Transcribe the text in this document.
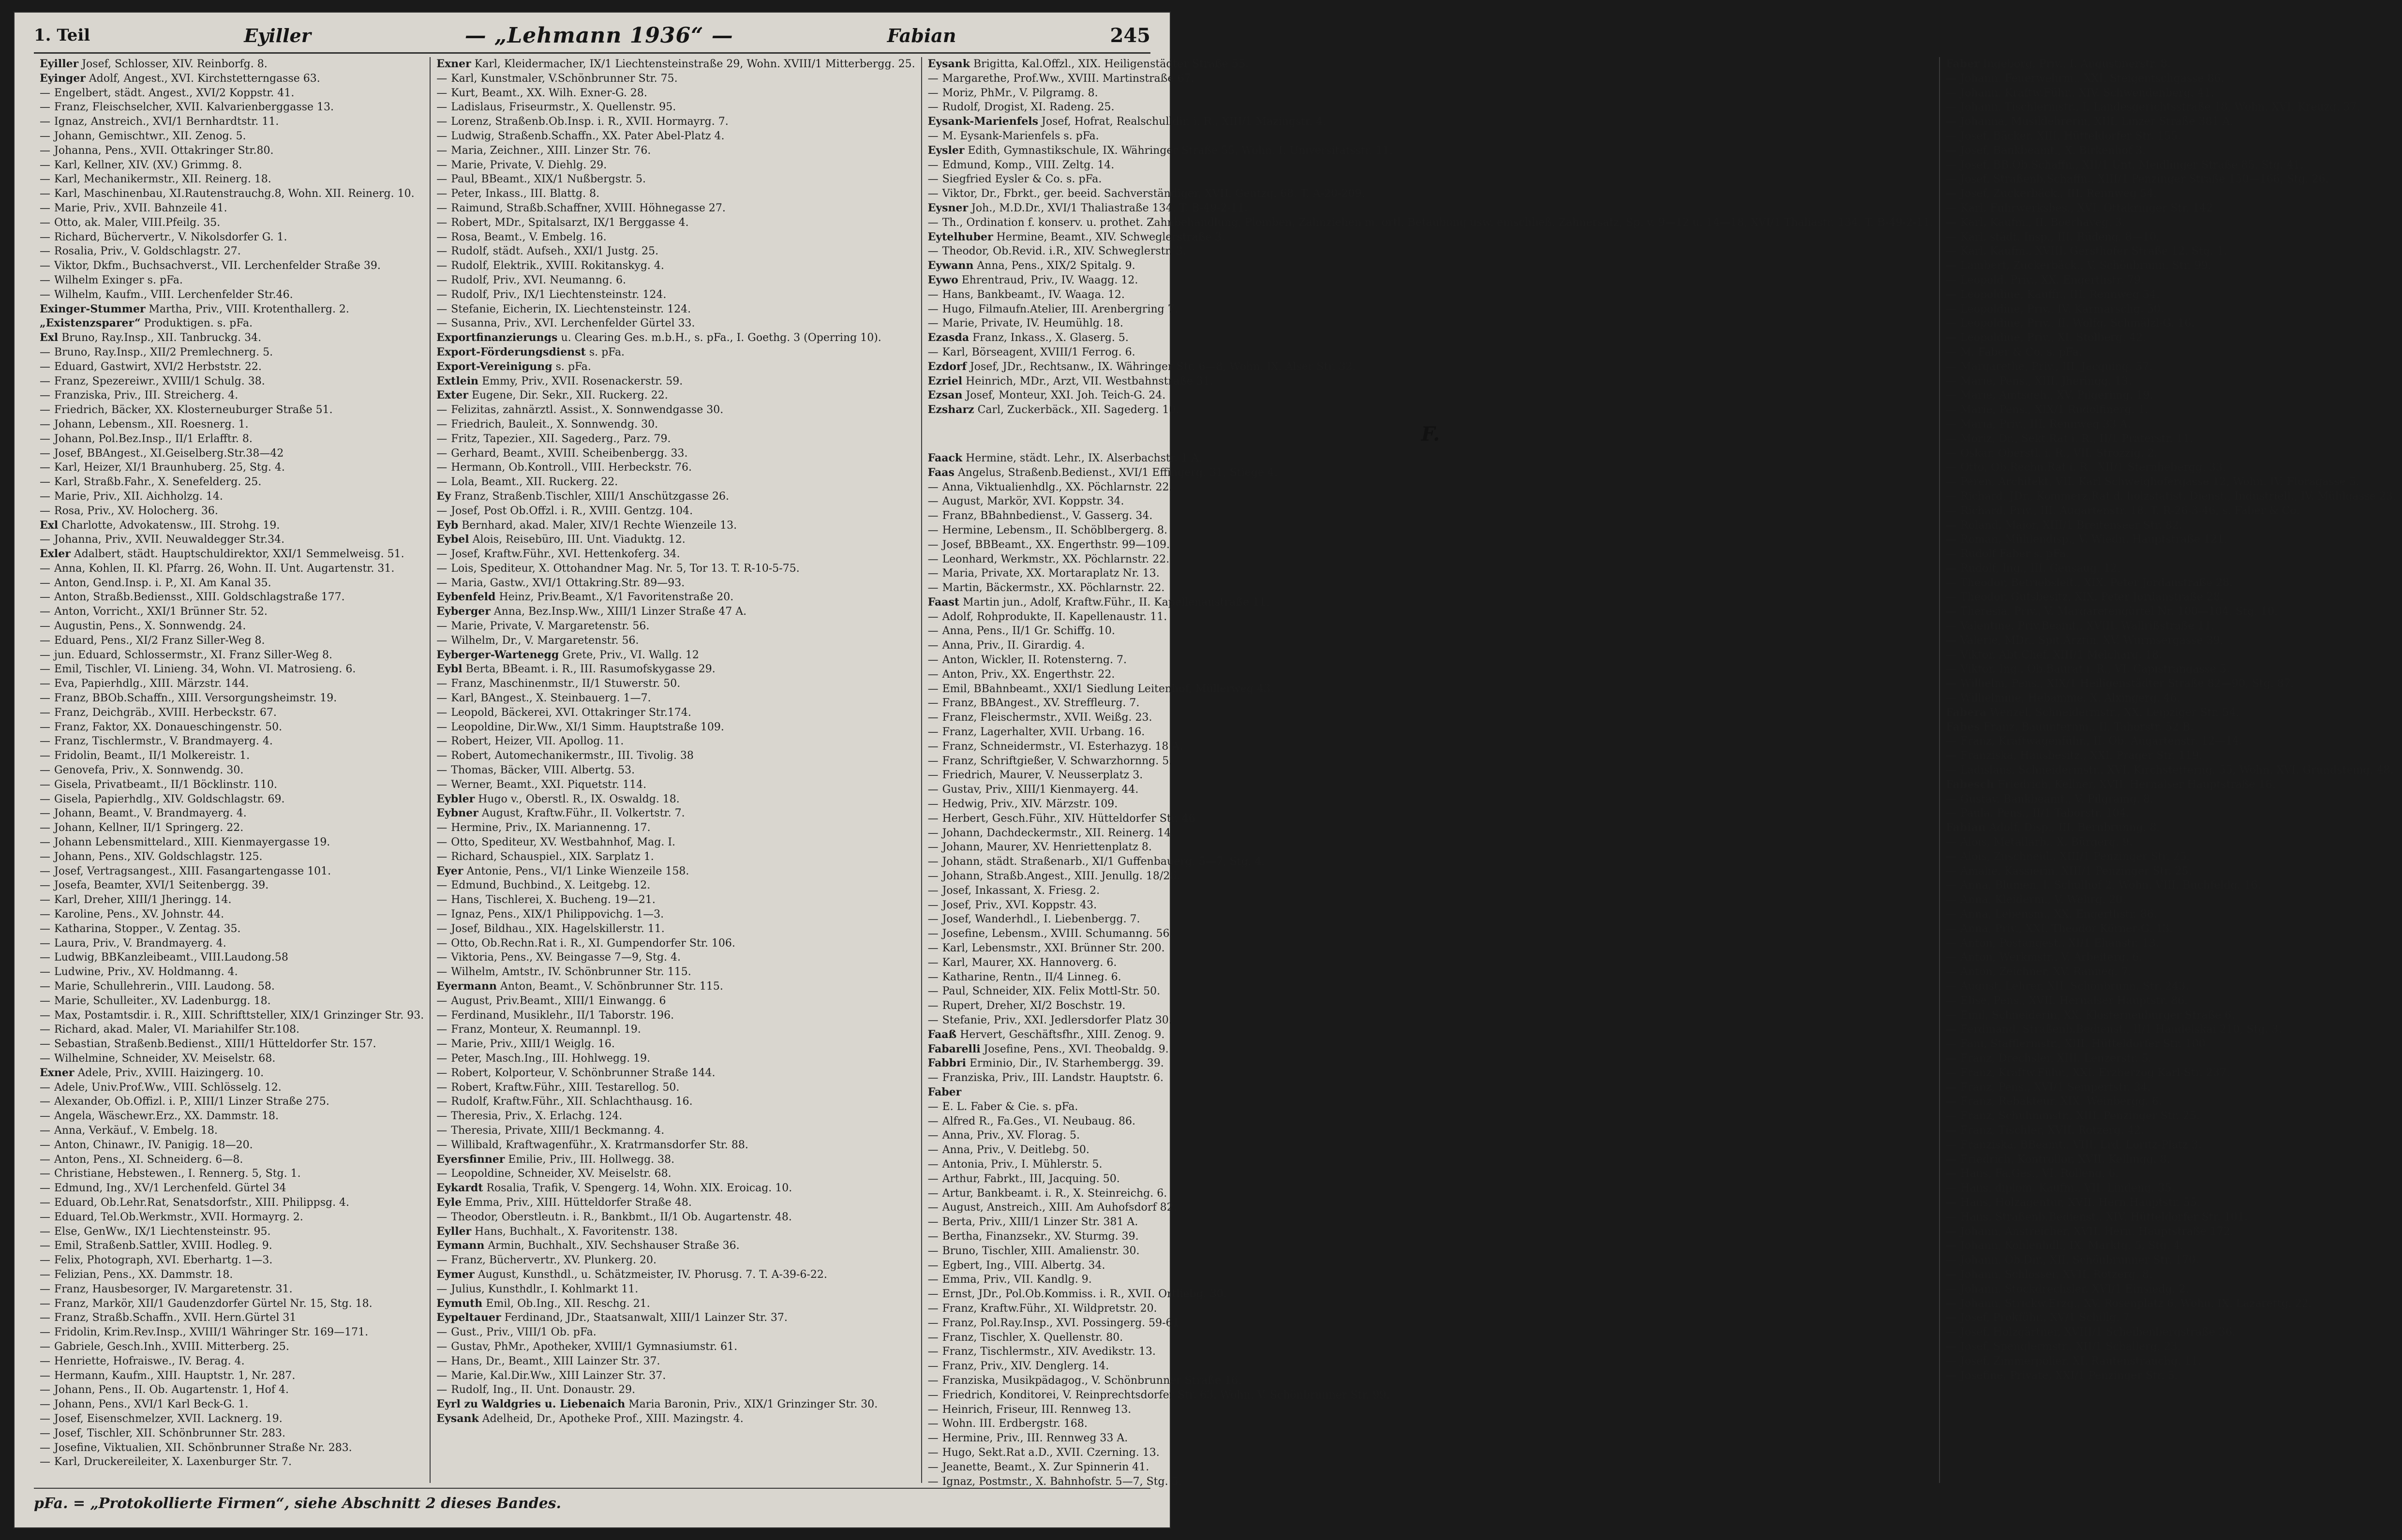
1. Teil	Eyiller	— „Lehmann 1936“ —	Fabian	245
Eyiller Josef, Schlosser, XIV. Reinborfg. 8.
Eyinger Adolf, Angest., XVI. Kirchstetterngasse 63.
— Engelbert, städt. Angest., XVI/2 Koppstr. 41.
— Franz, Fleischselcher, XVII. Kalvarienberggasse 13.
— Ignaz, Anstreich., XVI/1 Bernhardtstr. 11.
— Johann, Gemischtwr., XII. Zenog. 5.
— Johanna, Pens., XVII. Ottakringer Str.80.
— Karl, Kellner, XIV. (XV.) Grimmg. 8.
— Karl, Mechanikermstr., XII. Reinerg. 18.
— Karl, Maschinenbau, XI.Rautenstrauchg.8, Wohn. XII. Reinerg. 10.
— Marie, Priv., XVII. Bahnzeile 41.
— Otto, ak. Maler, VIII.Pfeilg. 35.
— Richard, Büchervertr., V. Nikolsdorfer G. 1.
— Rosalia, Priv., V. Goldschlagstr. 27.
— Viktor, Dkfm., Buchsachverst., VII. Lerchenfelder Straße 39.
— Wilhelm Exinger s. pFa.
— Wilhelm, Kaufm., VIII. Lerchenfelder Str.46.
Exinger-Stummer Martha, Priv., VIII. Krotenthallerg. 2.
„Existenzsparer“ Produktigen. s. pFa.
Exl Bruno, Ray.Insp., XII. Tanbruckg. 34.
— Bruno, Ray.Insp., XII/2 Premlechnerg. 5.
— Eduard, Gastwirt, XVI/2 Herbststr. 22.
— Franz, Spezereiwr., XVIII/1 Schulg. 38.
— Franziska, Priv., III. Streicherg. 4.
— Friedrich, Bäcker, XX. Klosterneuburger Straße 51.
— Johann, Lebensm., XII. Roesnerg. 1.
— Johann, Pol.Bez.Insp., II/1 Erlafftr. 8.
— Josef, BBAngest., XI.Geiselberg.Str.38—42
— Karl, Heizer, XI/1 Braunhuberg. 25, Stg. 4.
— Karl, Straßb.Fahr., X. Senefelderg. 25.
— Marie, Priv., XII. Aichholzg. 14.
— Rosa, Priv., XV. Holocherg. 36.
Exl Charlotte, Advokatensw., III. Strohg. 19.
— Johanna, Priv., XVII. Neuwaldegger Str.34.
Exler Adalbert, städt. Hauptschuldirektor, XXI/1 Semmelweisg. 51.
— Anna, Kohlen, II. Kl. Pfarrg. 26, Wohn. II. Unt. Augartenstr. 31.
— Anton, Gend.Insp. i. P., XI. Am Kanal 35.
— Anton, Straßb.Bediensst., XIII. Goldschlagstraße 177.
— Anton, Vorricht., XXI/1 Brünner Str. 52.
— Augustin, Pens., X. Sonnwendg. 24.
— Eduard, Pens., XI/2 Franz Siller-Weg 8.
— jun. Eduard, Schlossermstr., XI. Franz Siller-Weg 8.
— Emil, Tischler, VI. Linieng. 34, Wohn. VI. Matrosieng. 6.
— Eva, Papierhdlg., XIII. Märzstr. 144.
— Franz, BBOb.Schaffn., XIII. Versorgungsheimstr. 19.
— Franz, Deichgräb., XVIII. Herbeckstr. 67.
— Franz, Faktor, XX. Donaueschingenstr. 50.
— Franz, Tischlermstr., V. Brandmayerg. 4.
— Fridolin, Beamt., II/1 Molkereistr. 1.
— Genovefa, Priv., X. Sonnwendg. 30.
— Gisela, Privatbeamt., II/1 Böcklinstr. 110.
— Gisela, Papierhdlg., XIV. Goldschlagstr. 69.
— Johann, Beamt., V. Brandmayerg. 4.
— Johann, Kellner, II/1 Springerg. 22.
— Johann Lebensmittelard., XIII. Kienmayergasse 19.
— Johann, Pens., XIV. Goldschlagstr. 125.
— Josef, Vertragsangest., XIII. Fasangartengasse 101.
— Josefa, Beamter, XVI/1 Seitenbergg. 39.
— Karl, Dreher, XIII/1 Jheringg. 14.
— Karoline, Pens., XV. Johnstr. 44.
— Katharina, Stopper., V. Zentag. 35.
— Laura, Priv., V. Brandmayerg. 4.
— Ludwig, BBKanzleibeamt., VIII.Laudong.58
— Ludwine, Priv., XV. Holdmanng. 4.
— Marie, Schullehrerin., VIII. Laudong. 58.
— Marie, Schulleiter., XV. Ladenburgg. 18.
— Max, Postamtsdir. i. R., XIII. Schrifttsteller, XIX/1 Grinzinger Str. 93.
— Richard, akad. Maler, VI. Mariahilfer Str.108.
— Sebastian, Straßenb.Bedienst., XIII/1 Hütteldorfer Str. 157.
— Wilhelmine, Schneider, XV. Meiselstr. 68.
Exner Adele, Priv., XVIII. Haizingerg. 10.
— Adele, Univ.Prof.Ww., VIII. Schlösselg. 12.
— Alexander, Ob.Offizl. i. P., XIII/1 Linzer Straße 275.
— Angela, Wäschewr.Erz., XX. Dammstr. 18.
— Anna, Verkäuf., V. Embelg. 18.
— Anton, Chinawr., IV. Panigig. 18—20.
— Anton, Pens., XI. Schneiderg. 6—8.
— Christiane, Hebstewen., I. Rennerg. 5, Stg. 1.
— Edmund, Ing., XV/1 Lerchenfeld. Gürtel 34
— Eduard, Ob.Lehr.Rat, Senatsdorfstr., XIII. Philippsg. 4.
— Eduard, Tel.Ob.Werkmstr., XVII. Hormayrg. 2.
— Else, GenWw., IX/1 Liechtensteinstr. 95.
— Emil, Straßenb.Sattler, XVIII. Hodleg. 9.
— Felix, Photograph, XVI. Eberhartg. 1—3.
— Felizian, Pens., XX. Dammstr. 18.
— Franz, Hausbesorger, IV. Margaretenstr. 31.
— Franz, Markör, XII/1 Gaudenzdorfer Gürtel Nr. 15, Stg. 18.
— Franz, Straßb.Schaffn., XVII. Hern.Gürtel 31
— Fridolin, Krim.Rev.Insp., XVIII/1 Währinger Str. 169—171.
— Gabriele, Gesch.Inh., XVIII. Mitterberg. 25.
— Henriette, Hofraiswe., IV. Berag. 4.
— Hermann, Kaufm., XIII. Hauptstr. 1, Nr. 287.
— Johann, Pens., II. Ob. Augartenstr. 1, Hof 4.
— Johann, Pens., XVI/1 Karl Beck-G. 1.
— Josef, Eisenschmelzer, XVII. Lacknerg. 19.
— Josef, Tischler, XII. Schönbrunner Str. 283.
— Josefine, Viktualien, XII. Schönbrunner Straße Nr. 283.
— Karl, Druckereileiter, X. Laxenburger Str. 7.
Exner Karl, Kleidermacher, IX/1 Liechtensteinstraße 29, Wohn. XVIII/1 Mitterbergg. 25.
— Karl, Kunstmaler, V.Schönbrunner Str. 75.
— Kurt, Beamt., XX. Wilh. Exner-G. 28.
— Ladislaus, Friseurmstr., X. Quellenstr. 95.
— Lorenz, Straßenb.Ob.Insp. i. R., XVII. Hormayrg. 7.
— Ludwig, Straßenb.Schaffn., XX. Pater Abel-Platz 4.
— Maria, Zeichner., XIII. Linzer Str. 76.
— Marie, Private, V. Diehlg. 29.
— Paul, BBeamt., XIX/1 Nußbergstr. 5.
— Peter, Inkass., III. Blattg. 8.
— Raimund, Straßb.Schaffner, XVIII. Höhnegasse 27.
— Robert, MDr., Spitalsarzt, IX/1 Berggasse 4.
— Rosa, Beamt., V. Embelg. 16.
— Rudolf, städt. Aufseh., XXI/1 Justg. 25.
— Rudolf, Elektrik., XVIII. Rokitanskyg. 4.
— Rudolf, Priv., XVI. Neumanng. 6.
— Rudolf, Priv., IX/1 Liechtensteinstr. 124.
— Stefanie, Eicherin, IX. Liechtensteinstr. 124.
— Susanna, Priv., XVI. Lerchenfelder Gürtel 33.
Exportfinanzierungs u. Clearing Ges. m.b.H., s. pFa., I. Goethg. 3 (Operring 10).
Export-Förderungsdienst s. pFa.
Export-Vereinigung s. pFa.
Extlein Emmy, Priv., XVII. Rosenackerstr. 59.
Exter Eugene, Dir. Sekr., XII. Ruckerg. 22.
— Felizitas, zahnärztl. Assist., X. Sonnwendgasse 30.
— Friedrich, Bauleit., X. Sonnwendg. 30.
— Fritz, Tapezier., XII. Sagederg., Parz. 79.
— Gerhard, Beamt., XVIII. Scheibenbergg. 33.
— Hermann, Ob.Kontroll., VIII. Herbeckstr. 76.
— Lola, Beamt., XII. Ruckerg. 22.
Ey Franz, Straßenb.Tischler, XIII/1 Anschützgasse 26.
— Josef, Post Ob.Offzl. i. R., XVIII. Gentzg. 104.
Eyb Bernhard, akad. Maler, XIV/1 Rechte Wienzeile 13.
Eybel Alois, Reisebüro, III. Unt. Viaduktg. 12.
— Josef, Kraftw.Führ., XVI. Hettenkoferg. 34.
— Lois, Spediteur, X. Ottohandner Mag. Nr. 5, Tor 13. T. R-10-5-75.
— Maria, Gastw., XVI/1 Ottakring.Str. 89—93.
Eybenfeld Heinz, Priv.Beamt., X/1 Favoritenstraße 20.
Eyberger Anna, Bez.Insp.Ww., XIII/1 Linzer Straße 47 A.
— Marie, Private, V. Margaretenstr. 56.
— Wilhelm, Dr., V. Margaretenstr. 56.
Eyberger-Wartenegg Grete, Priv., VI. Wallg. 12
Eybl Berta, BBeamt. i. R., III. Rasumofskygasse 29.
— Franz, Maschinenmstr., II/1 Stuwerstr. 50.
— Karl, BAngest., X. Steinbauerg. 1—7.
— Leopold, Bäckerei, XVI. Ottakringer Str.174.
— Leopoldine, Dir.Ww., XI/1 Simm. Hauptstraße 109.
— Robert, Heizer, VII. Apollog. 11.
— Robert, Automechanikermstr., III. Tivolig. 38
— Thomas, Bäcker, VIII. Albertg. 53.
— Werner, Beamt., XXI. Piquetstr. 114.
Eybler Hugo v., Oberstl. R., IX. Oswaldg. 18.
Eybner August, Kraftw.Führ., II. Volkertstr. 7.
— Hermine, Priv., IX. Mariannenng. 17.
— Otto, Spediteur, XV. Westbahnhof, Mag. I.
— Richard, Schauspiel., XIX. Sarplatz 1.
Eyer Antonie, Pens., VI/1 Linke Wienzeile 158.
— Edmund, Buchbind., X. Leitgebg. 12.
— Hans, Tischlerei, X. Bucheng. 19—21.
— Ignaz, Pens., XIX/1 Philippovichg. 1—3.
— Josef, Bildhau., XIX. Hagelskillerstr. 11.
— Otto, Ob.Rechn.Rat i. R., XI. Gumpendorfer Str. 106.
— Viktoria, Pens., XV. Beingasse 7—9, Stg. 4.
— Wilhelm, Amtstr., IV. Schönbrunner Str. 115.
Eyermann Anton, Beamt., V. Schönbrunner Str. 115.
— August, Priv.Beamt., XIII/1 Einwangg. 6
— Ferdinand, Musiklehr., II/1 Taborstr. 196.
— Franz, Monteur, X. Reumannpl. 19.
— Marie, Priv., XIII/1 Weiglg. 16.
— Peter, Masch.Ing., III. Hohlwegg. 19.
— Robert, Kolporteur, V. Schönbrunner Straße 144.
— Robert, Kraftw.Führ., XIII. Testarellog. 50.
— Rudolf, Kraftw.Führ., XII. Schlachthausg. 16.
— Theresia, Priv., X. Erlachg. 124.
— Theresia, Private, XIII/1 Beckmanng. 4.
— Willibald, Kraftwagenführ., X. Kratrmansdorfer Str. 88.
Eyersfinner Emilie, Priv., III. Hollwegg. 38.
— Leopoldine, Schneider, XV. Meiselstr. 68.
Eykardt Rosalia, Trafik, V. Spengerg. 14, Wohn. XIX. Eroicag. 10.
Eyle Emma, Priv., XIII. Hütteldorfer Straße 48.
— Theodor, Oberstleutn. i. R., Bankbmt., II/1 Ob. Augartenstr. 48.
Eyller Hans, Buchhalt., X. Favoritenstr. 138.
Eymann Armin, Buchhalt., XIV. Sechshauser Straße 36.
— Franz, Büchervertr., XV. Plunkerg. 20.
Eymer August, Kunsthdl., u. Schätzmeister, IV. Phorusg. 7. T. A-39-6-22.
— Julius, Kunsthdlr., I. Kohlmarkt 11.
Eymuth Emil, Ob.Ing., XII. Reschg. 21.
Eypeltauer Ferdinand, JDr., Staatsanwalt, XIII/1 Lainzer Str. 37.
— Gust., Priv., VIII/1 Ob. pFa.
— Gustav, PhMr., Apotheker, XVIII/1 Gymnasiumstr. 61.
— Hans, Dr., Beamt., XIII Lainzer Str. 37.
— Marie, Kal.Dir.Ww., XIII Lainzer Str. 37.
— Rudolf, Ing., II. Unt. Donaustr. 29.
Eyrl zu Waldgries u. Liebenaich Maria Baronin, Priv., XIX/1 Grinzinger Str. 30.
Eysank Adelheid, Dr., Apotheke Prof., XIII. Mazingstr. 4.
Eysank Brigitta, Kal.Offzl., XIX. Heiligenstädter Straße 55.
— Margarethe, Prof.Ww., XVIII. Martinstraße 67.
— Moriz, PhMr., V. Pilgramg. 8.
— Rudolf, Drogist, XI. Radeng. 25.
Eysank-Marienfels Josef, Hofrat, Realschulldir. i. R., XIII/1 Mazingstr. 4.
— M. Eysank-Marienfels s. pFa.
Eysler Edith, Gymnastikschule, IX. Währinger Straße 55, Wohn. I. Universitätsstr. 11.
— Edmund, Komp., VIII. Zeltg. 14.
— Siegfried Eysler & Co. s. pFa.
— Viktor, Dr., Fbrkt., ger. beeid. Sachverständiger, XVII. Gentzg. 68. T. A-20-209.
Eysner Joh., M.D.Dr., XVI/1 Thaliastraße 134. T. B-49-2-11.
— Th., Ordination f. konserv. u. prothet. Zahnbehandlung, Plomben, Zahnziehen m. örtl. Betäubung usw. einschließ. Zahnersatz, Sp. v. 9—12 u. 14—18, XVI/1 Thaliastr. 134. T. B-49-2-11.
Eytelhuber Hermine, Beamt., XIV. Schweglerstraße 3.
— Theodor, Ob.Revid. i.R., XIV. Schweglerstr. 3.
Eywann Anna, Pens., XIX/2 Spitalg. 9.
Eywo Ehrentraud, Priv., IV. Waagg. 12.
— Hans, Bankbeamt., IV. Waaga. 12.
— Hugo, Filmaufn.Atelier, III. Arenbergring 7.
— Marie, Private, IV. Heumühlg. 18.
Ezasda Franz, Inkass., X. Glaserg. 5.
— Karl, Börseagent, XVIII/1 Ferrog. 6.
Ezdorf Josef, JDr., Rechtsanw., IX. Währinger Str. 6—8, Wohn. IX. Alser Str. 32.
Ezriel Heinrich, MDr., Arzt, VII. Westbahnstraße 31.
Ezsan Josef, Monteur, XXI. Joh. Teich-G. 24.
Ezsharz Carl, Zuckerbäck., XII. Sagederg. 10.
F.
Faack Hermine, städt. Lehr., IX. Alserbachstr. 1 A.
Faas Angelus, Straßenb.Bedienst., XVI/1 Effingerg. 31, Stiege 4.
— Anna, Viktualienhdlg., XX. Pöchlarnstr. 22.
— August, Markör, XVI. Koppstr. 34.
— Franz, BBahnbedienst., V. Gasserg. 34.
— Hermine, Lebensm., II. Schöblbergerg. 8.
— Josef, BBBeamt., XX. Engerthstr. 99—109.
— Leonhard, Werkmstr., XX. Pöchlarnstr. 22.
— Maria, Private, XX. Mortaraplatz Nr. 13.
— Martin, Bäckermstr., XX. Pöchlarnstr. 22.
Faast Martin jun., Adolf, Kraftw.Führ., II. Kapellenaustraße 11.
— Adolf, Rohprodukte, II. Kapellenaustr. 11.
— Anna, Pens., II/1 Gr. Schiffg. 10.
— Anna, Priv., II. Girardig. 4.
— Anton, Wickler, II. Rotensterng. 7.
— Anton, Priv., XX. Engerthstr. 22.
— Emil, BBahnbeamt., XXI/1 Siedlung Leitenhof, Müllerweg 43.
— Franz, BBAngest., XV. Streffleurg. 7.
— Franz, Fleischermstr., XVII. Weißg. 23.
— Franz, Lagerhalter, XVII. Urbang. 16.
— Franz, Schneidermstr., VI. Esterhazyg. 18 A.
— Franz, Schriftgießer, V. Schwarzhornng. 5.
— Friedrich, Maurer, V. Neusserplatz 3.
— Gustav, Priv., XIII/1 Kienmayerg. 44.
— Hedwig, Priv., XIV. Märzstr. 109.
— Herbert, Gesch.Führ., XIV. Hütteldorfer Str. 46
— Johann, Dachdeckermstr., XII. Reinerg. 14.
— Johann, Maurer, XV. Henriettenplatz 8.
— Johann, städt. Straßenarb., XI/1 Guffenbauerg. 5—7, Stg. 4.
— Johann, Straßb.Angest., XIII. Jenullg. 18/26.
— Josef, Inkassant, X. Friesg. 2.
— Josef, Priv., XVI. Koppstr. 43.
— Josef, Wanderhdl., I. Liebenbergg. 7.
— Josefine, Lebensm., XVIII. Schumanng. 56.
— Karl, Lebensmstr., XXI. Brünner Str. 200.
— Karl, Maurer, XX. Hannoverg. 6.
— Katharine, Rentn., II/4 Linneg. 6.
— Paul, Schneider, XIX. Felix Mottl-Str. 50.
— Rupert, Dreher, XI/2 Boschstr. 19.
— Stefanie, Priv., XXI. Jedlersdorfer Platz 30.
Faaß Hervert, Geschäftsfhr., XIII. Zenog. 9.
Fabarelli Josefine, Pens., XVI. Theobaldg. 9.
Fabbri Erminio, Dir., IV. Starhembergg. 39.
— Franziska, Priv., III. Landstr. Hauptstr. 6.
Faber
— E. L. Faber & Cie. s. pFa.
— Alfred R., Fa.Ges., VI. Neubaug. 86.
— Anna, Priv., XV. Florag. 5.
— Anna, Priv., V. Deitlebg. 50.
— Antonia, Priv., I. Mühlerstr. 5.
— Arthur, Fabrkt., III, Jacquing. 50.
— Artur, Bankbeamt. i. R., X. Steinreichg. 6.
— August, Anstreich., XIII. Am Auhofsdorf 82.
— Berta, Priv., XIII/1 Linzer Str. 381 A.
— Bertha, Finanzsekr., XV. Sturmg. 39.
— Bruno, Tischler, XIII. Amalienstr. 30.
— Egbert, Ing., VIII. Albertg. 34.
— Emma, Priv., VII. Kandlg. 9.
— Ernst, JDr., Pol.Ob.Kommiss. i. R., XVII. Ortliebg. 30.
— Franz, Kraftw.Führ., XI. Wildpretstr. 20.
— Franz, Pol.Ray.Insp., XVI. Possingerg. 59-61
— Franz, Tischler, X. Quellenstr. 80.
— Franz, Tischlermstr., XIV. Avedikstr. 13.
— Franz, Priv., XIV. Denglerg. 14.
— Franziska, Musikpädagog., V. Schönbrunner Straße 16.
— Friedrich, Konditorei, V. Reinprechtsdorfer Str. 63, Wohn. V. Schönbrunner Str. 99.
— Heinrich, Friseur, III. Rennweg 13.
— Wohn. III. Erdbergstr. 168.
— Hermine, Priv., III. Rennweg 33 A.
— Hugo, Sekt.Rat a.D., XVII. Czerning. 13.
— Jeanette, Beamt., X. Zur Spinnerin 41.
— Ignaz, Postmstr., X. Bahnhofstr. 5—7, Stg. 5.
Faber Ingeborg, Priv., I. Augustinerstr. 8.
— Johann, Feuerwehrm., XXI. Steigentschgasse 86.
— Johann, Kraftw.Führ., XIV. Schwendenberg. 41.
— Johann, Tischlermstr., I. Landesgerichtsstraße 18, Wohn. XVI. Kreuzg. 37.
— Johanna, Musiklehrerin, XIII. Linzer Straße 381 A.
— Josef, Bäcker, XIII. Hütteldorfer Str. 155.
— Josef, Bankbeamt., X. Birkenhof 3.
— Josef, BB.Ob.Schaffn., XII/1 Unt. Meidlinger Straße 85, Stg. 41.
— Josef, Straßenb.Schaffn., XIII/1 Penzinger Straße 150—166, Stg. 26.
— Josef, Zuckerbäck., III. Rennweg 54.
— Karl, Fuhrwerksbes., XVI. Ottakringer Str. 142
— Karl, Kaufm., II. Boerhaveg. 3.
— Karl, städt. Insp., III. Rüdeng. 8—10.
— Karl, Kaufm., XVIII. Gersthofer Straße 12, Stg. 1.
— Lambert, Zuckerbäck., V. Schönbrunn. Str. 99.
— Leopold, Priv., XX. Engerthstr. 79.
— Leopoldine, Kauffr., III. Rennweg 54.
— Leopoldine, Priv., IV. Karmarschg. 50.
— Leopoldine, Priv., II. Wolfg. Schmälzl-G. 16.
— Leopoldine, Priv., XI. Stolberg. 42.
— M. Faber & Co. s. pFa.
— Margarethe, Priv., III. Jacquing. 57.
— Marie, Pens., XIII. Jheringg. 13.
— Marie, Amtsgeh., XV. Pilgerimg. 19.
— Marie, Pens., XIX/1 Rudolfinerg. 1.
— Maria, Priv., III. Rennweg 33 A.
— Moriz, Dr., Sekt.Rat i. R., II/1 Praterstr. 11.
— Oskar, Oberstl. i. R., VII. Strozzig. 2.
— Otto, Ob.Rechn.Rat i. R., XII/1 Sternhebergg. 33.
— Peren, Architekt, VII. Karl Schweighofergasse 12, Wohn. IV. Floragasse 5.
— Richard, JDr., Kommerz.Rat d. holzstatist. Dienst., Industriell., IV. Mühlgasse 23.
— Richard, Priv., III. Augartenstr. 18. T. R-26-3-46, s. Faber & Co.
— Roland, Major, XIII/1 Breitenseer Str. 82.
— Roman, Mühlendisp., V. Wiedn. Hauptstraße 121.
— Rudolf Faber s. pFa.
— Rudolf, Ing., III. Geusaug. 12.
— Theodor, Betriebsleit., XIX. Peter Jordanstraße 28.
— Theodor, Gutsbesitz, XIX. Peter Jordanstraße 28.
— Theresia, Priv., V. Margaretengürtel Nr. 100—104, Stg. 10.
— Valentine, Priv.Beamt., XVIII. Wallrißstraße 11.
— Valerie, MDr., Spit.Ärztin, XV. Wurmsergasse 39.
— Viktor, Abt.Chef, XIII/1 Melcharg. 18.
— Viktor, Ing., Ob.Baurat i. R., VI. Capistrangasse 5.
— Wilhelm, Pens., XIX/1 Heiligenstädter Straße 82—90, Stg. 87.
— Wilhelmine, Hebamme, X. Alxingerg. 46.
Fabera Wenzel, Schneidermstr., XX. Leipziger Str. 54.
Fabes Franz, Bauunternm., II. Taborstr. 52 B.
— Franz, Kraftwagenführ., II. Ob. Augartenstr. 12—14.
— Franziska, Hausbesitz., XXI. Prager Str. 119.
— Ladislaus, Schneidermstr., XVI. Kirchstetterng. 55, Wohn. XVI. Grundsteing. 48.
Fabesch Friedrich, Kellner, XVII. Hernalser Hauptstraße 16.
— Gustav, Bankbeamt., V. Pilgramg. 8.
— Paula, Pens., II/1 Taborstr. 104.
Fabian Adolf, Disp., III. Bernbrunng. 8.
— Alois, Metallarb., X. Bürgerg. 9.
— Alois, Zuschneid., XIII/1 Penzinger Str. 25.
— Amalie, Kassierin, XIII/1 Penzinger Str. 25.
— Anna, Blumen, I. Schulhof 2, Wohn. VIII. Buchfeldg. 16.
— Anna, Kleiderm., V. Wehrg. 20.
— Anna, Lebensm., XX. Engerthstr. 86.
— Anna, Priv., XXI. Theodor Körner-G. 13.
— Anton, Postangest., XI/1 Ehanstr. 13.
— Anton, Werkmstr., V. Arbeiterg. 6.
— Anton, Zeichner, XV. Ranneg. 7.
— August, Lehrer, XII. Schönbrunn. Str. 243.
— Elise, Pens., XVII. Hernalser Hauptstr. 86.
— Emil, Schneiderin, XX. Klosterneuburger Straße 6.
— Ferdinand, Straßenb.Bedienst., II/1 Handelskai 210, Stg. 3.
— Fani, Stafflermstr., XIII. Hütteldorfer Str. 100
— Franz, Drechsler, XIII. Lenzerstr. 5.
— Franz, Kraftw.Führ., XXI. Erzherzog Karl-Str. 237.
— Franz, Pens., XVI/1 Sempertstr. 34.
— Franz, Rebakteur, XIX. Weinbergg. 6.
— Franz, Schuhmmstr., XIII. Penzinger Str. 25.
— Franz, Tischler, XVII. Rötzerg. 42.
— Franziska, BBeamt., VIII. Lrd. Loritz-Platz 3.
— Friedrich, Kontrollor, XVII. Kellingg. 8.
— Hans, Fa.Ges., VI. Rolleng. 6.
— Hans, diplom. Kaufm., VII. Lindeng. 35.
— Hans, Holzagentur, XVII. Hern.Hauptstr. 55.
— Hans, Straßenb.Bedienst., XIV. Hütteldorfer Str. 101.
— Johann, Anstreicher, XVII. Hern. Hauptstraße 172.
— Johann, Kohlenhdl., IX. Marktg. 5, Stg. 4.
— Johann, Ob.Dir., XII. Schönbrunner Str. 170.
— Johann, Schlosser, XVII. Rötzerg. 8.
— Johann, Stockdrechsler, XVI/1 Einsiedg. 2.
— Johann, Strickw.Erzg., XV. Rosenplatz 6, Wohn. IX. Lazarettg. 22.
— Josef, Prokführ., XV/1 Schillg. 7.
— Josef, Holzgärtner, XVIII/1 Scheibenbergstraße 36.
— Josef, Spenglermstr., XII/1 Schallerg. 23.
— Josef, Zimmerpolier, XI. Rautenstrauchg. 11.
— Josefine, Private, XXI/1 Penzinger Str. 5.
pFa. = „Protokollierte Firmen“, siehe Abschnitt 2 dieses Bandes.
